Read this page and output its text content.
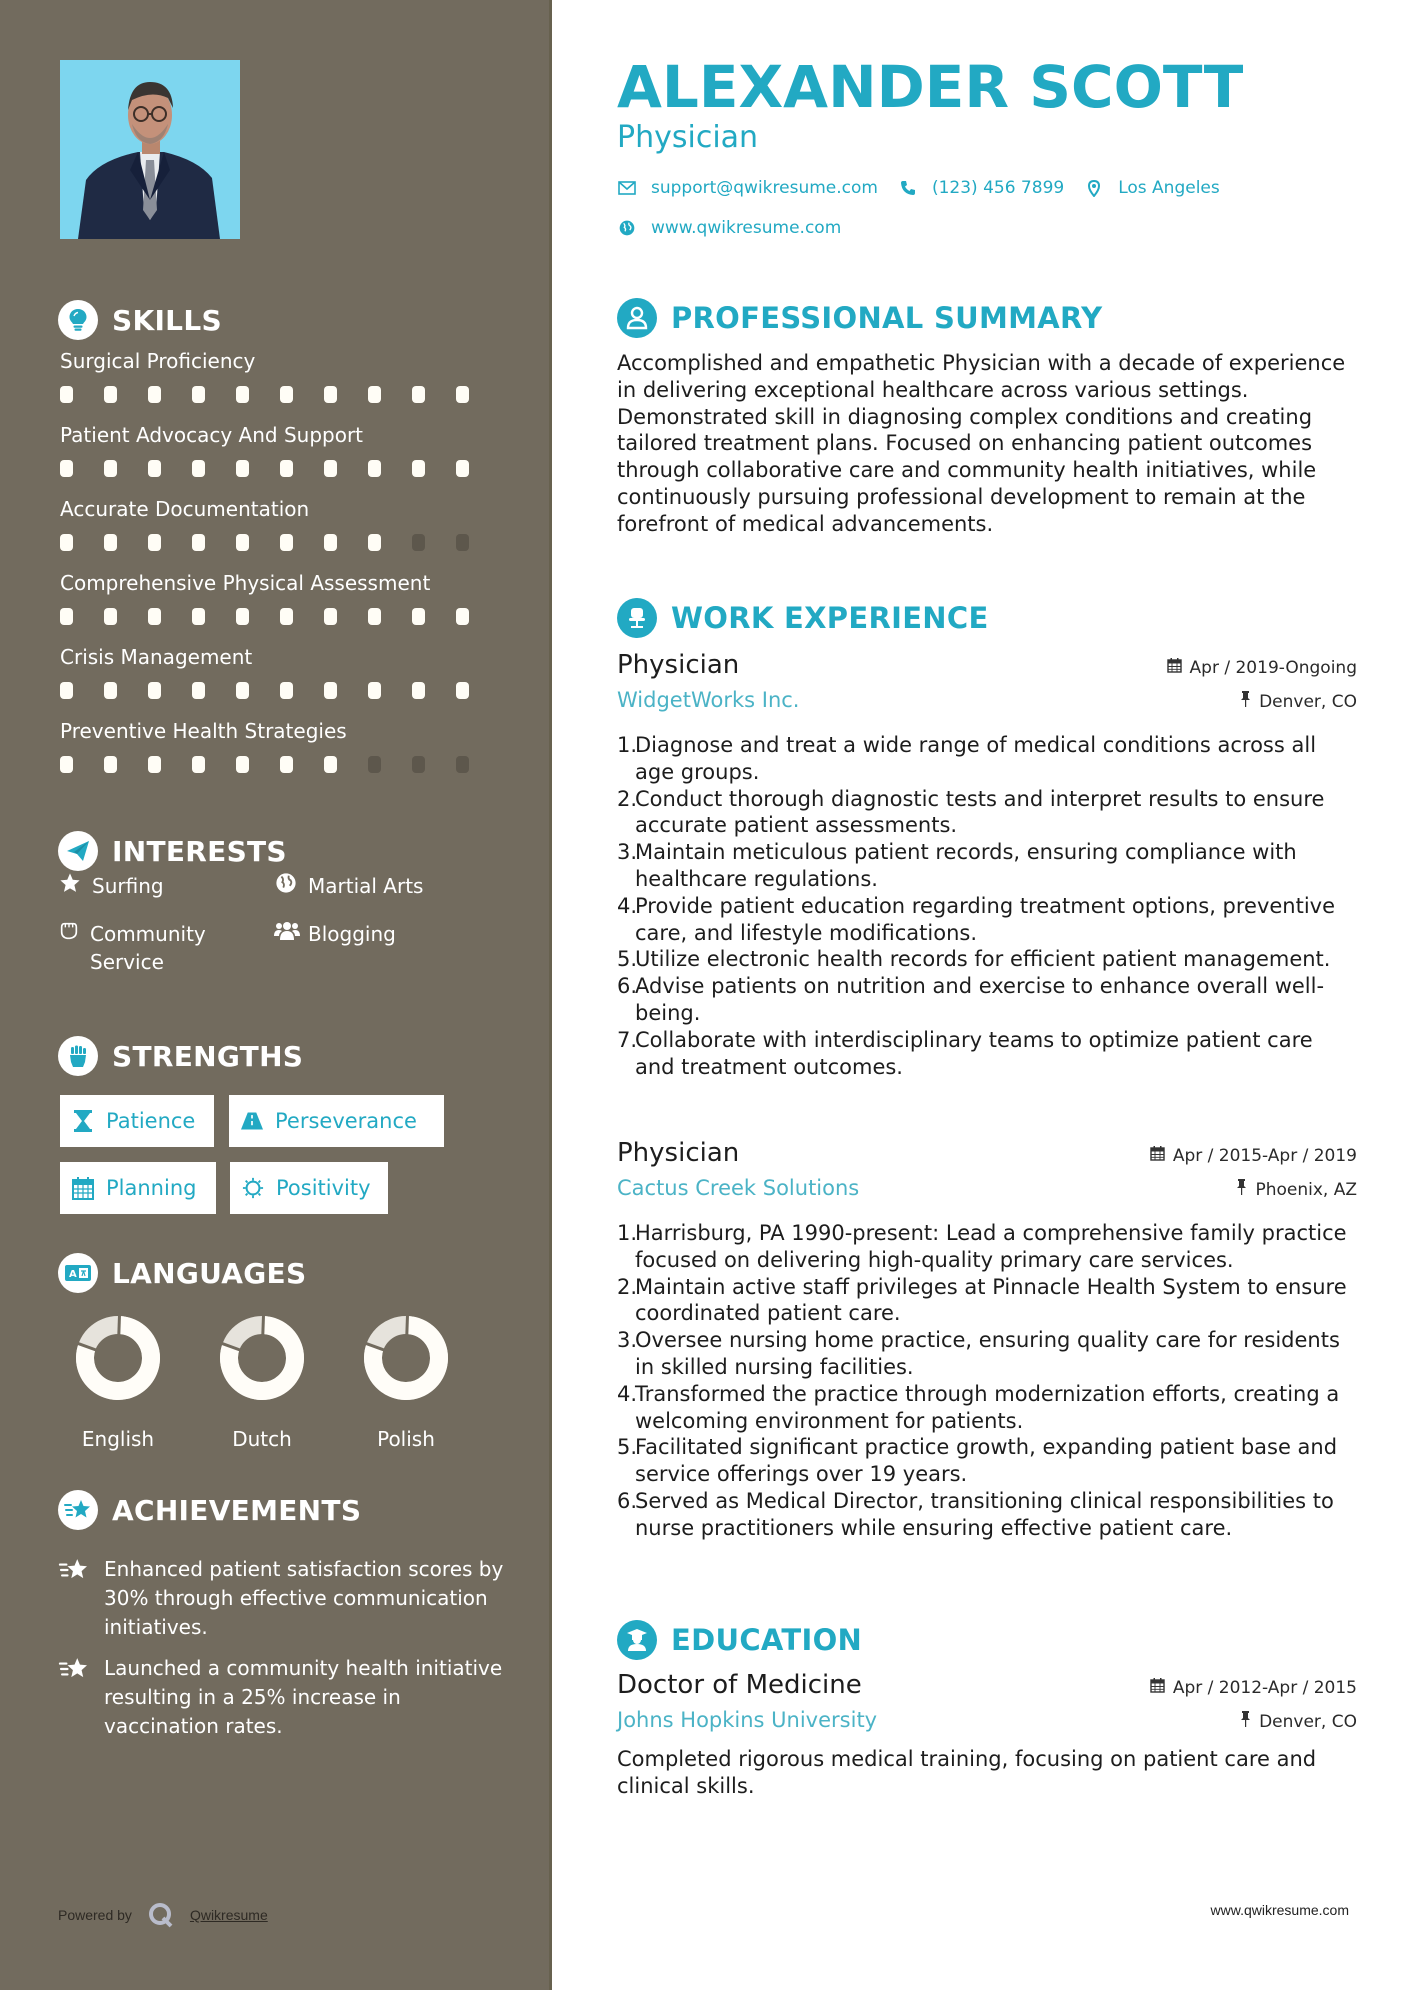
SKILLS
Surgical Proficiency
Patient Advocacy And Support
Accurate Documentation
Comprehensive Physical Assessment
Crisis Management
Preventive Health Strategies
INTERESTS
Surfing	Martial Arts
Community Service
Blogging
STRENGTHS
Patience	Perseverance
Planning	Positivity
A LANGUAGES
English	Dutch	Polish
ACHIEVEMENTS
Enhanced patient satisfaction scores by 30% through effective communication initiatives.
Launched a community health initiative resulting in a 25% increase in vaccination rates.
Powered by	Qwikresume
ALEXANDER SCOTT
Physician
support@qwikresume.com	(123) 456 7899	Los Angeles
www.qwikresume.com
PROFESSIONAL SUMMARY

Accomplished and empathetic Physician with a decade of experience in delivering exceptional healthcare across various settings. Demonstrated skill in diagnosing complex conditions and creating tailored treatment plans. Focused on enhancing patient outcomes through collaborative care and community health initiatives, while continuously pursuing professional development to remain at the forefront of medical advancements.

WORK EXPERIENCE
Physician	Apr / 2019-Ongoing
WidgetWorks Inc.	Denver, CO
1.
Diagnose and treat a wide range of medical conditions across all age groups.
2.
Conduct thorough diagnostic tests and interpret results to ensure accurate patient assessments.
3.
Maintain meticulous patient records, ensuring compliance with healthcare regulations.
4.
Provide patient education regarding treatment options, preventive care, and lifestyle modifications.
5.
Utilize electronic health records for efficient patient management.
6.
Advise patients on nutrition and exercise to enhance overall well-being.
7.
Collaborate with interdisciplinary teams to optimize patient care and treatment outcomes.
Physician	Apr / 2015-Apr / 2019
Cactus Creek Solutions	Phoenix, AZ
1.
Harrisburg, PA 1990-present: Lead a comprehensive family practice focused on delivering high-quality primary care services.
2.
Maintain active staff privileges at Pinnacle Health System to ensure coordinated patient care.
3.
Oversee nursing home practice, ensuring quality care for residents in skilled nursing facilities.
4.
Transformed the practice through modernization efforts, creating a welcoming environment for patients.
5.
Facilitated significant practice growth, expanding patient base and service offerings over 19 years.
6.
Served as Medical Director, transitioning clinical responsibilities to nurse practitioners while ensuring effective patient care.
EDUCATION
Doctor of Medicine	Apr / 2012-Apr / 2015
Johns Hopkins University	Denver, CO
Completed rigorous medical training, focusing on patient care and clinical skills.
www.qwikresume.com
